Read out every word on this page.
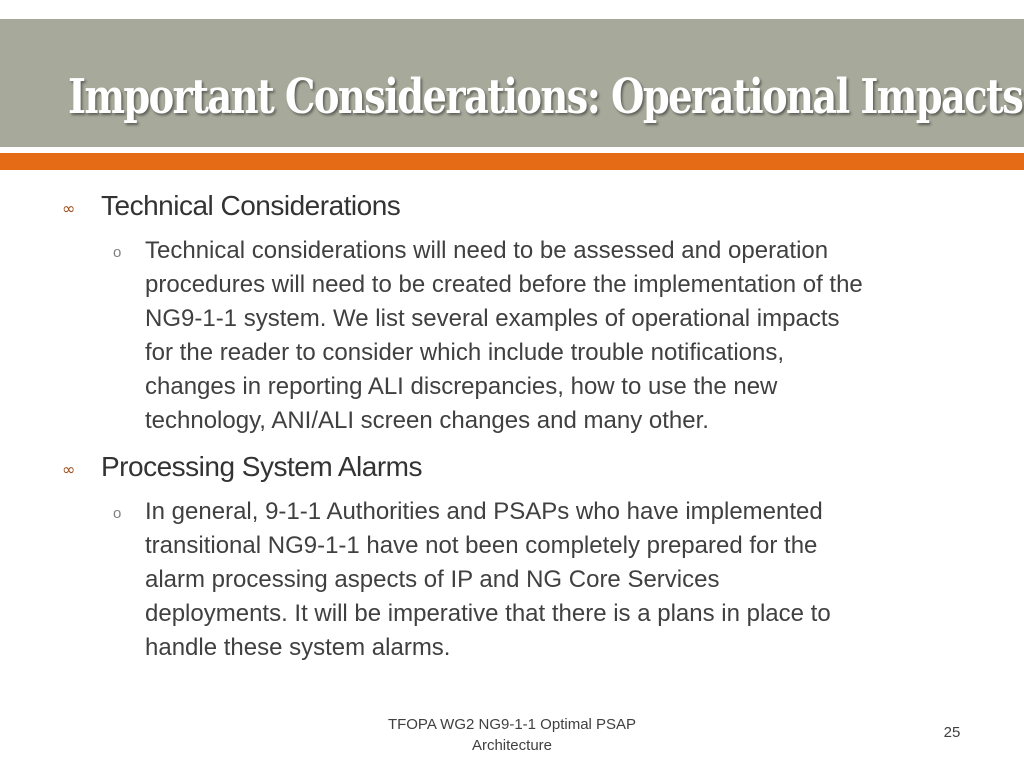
Important Considerations: Operational Impacts
∞ Technical Considerations
o Technical considerations will need to be assessed and operation
procedures will need to be created before the implementation of the
NG9-1-1 system. We list several examples of operational impacts
for the reader to consider which include trouble notifications,
changes in reporting ALI discrepancies, how to use the new
technology, ANI/ALI screen changes and many other.
∞ Processing System Alarms
o In general, 9-1-1 Authorities and PSAPs who have implemented
transitional NG9-1-1 have not been completely prepared for the
alarm processing aspects of IP and NG Core Services
deployments. It will be imperative that there is a plans in place to
handle these system alarms.
TFOPA WG2 NG9-1-1 Optimal PSAP
Architecture
25
